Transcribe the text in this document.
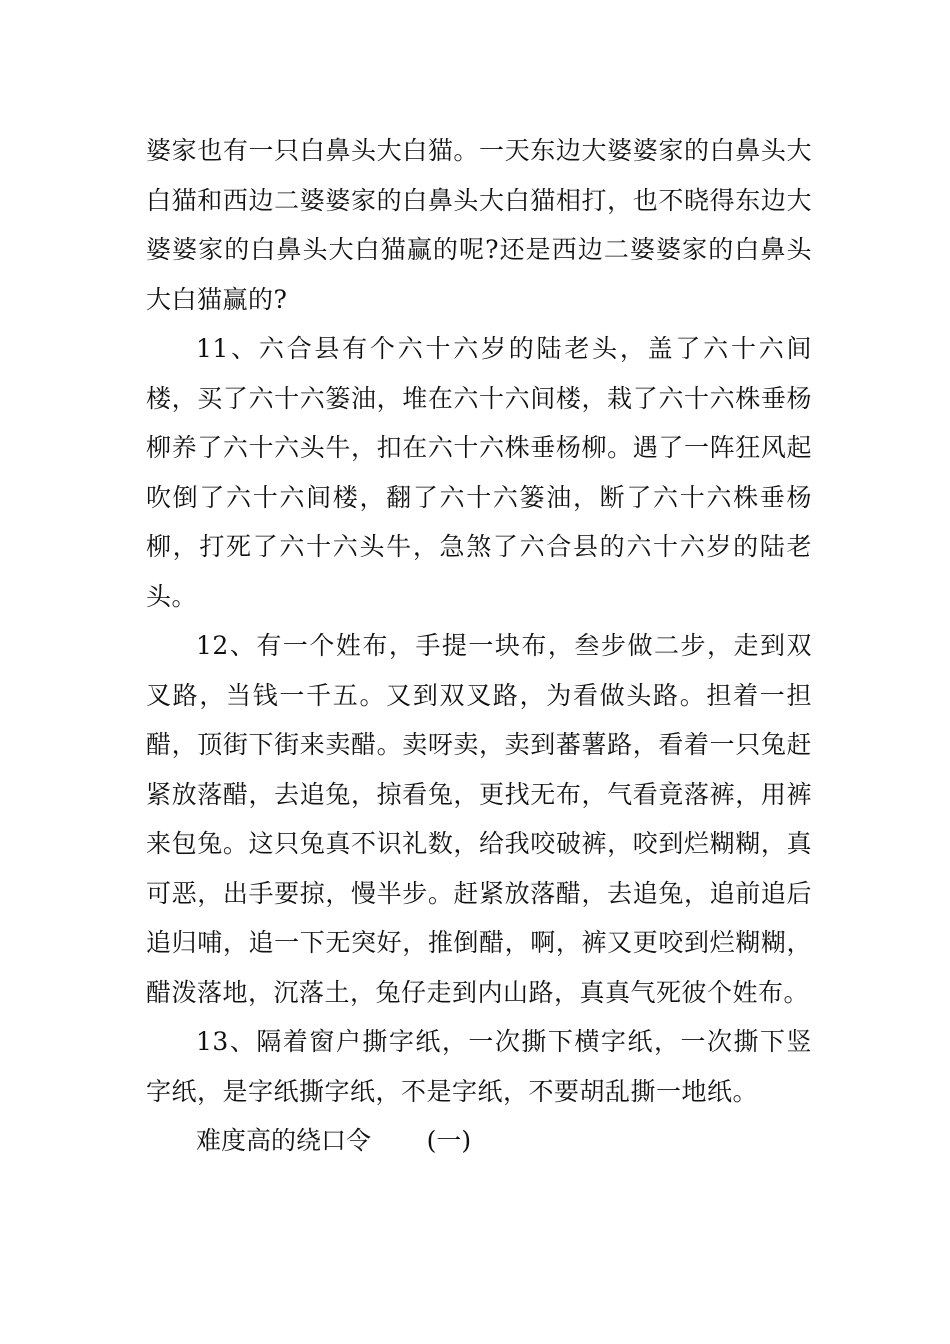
婆家也有一只白鼻头大白猫。一天东边大婆婆家的白鼻头大白猫和西边二婆婆家的白鼻头大白猫相打，也不晓得东边大婆婆家的白鼻头大白猫赢的呢?还是西边二婆婆家的白鼻头大白猫赢的?

11、六合县有个六十六岁的陆老头，盖了六十六间楼，买了六十六篓油，堆在六十六间楼，栽了六十六株垂杨柳养了六十六头牛，扣在六十六株垂杨柳。遇了一阵狂风起吹倒了六十六间楼，翻了六十六篓油，断了六十六株垂杨柳，打死了六十六头牛，急煞了六合县的六十六岁的陆老头。

12、有一个姓布，手提一块布，叁步做二步，走到双叉路，当钱一千五。又到双叉路，为看做头路。担着一担醋，顶街下街来卖醋。卖呀卖，卖到蕃薯路，看着一只兔赶紧放落醋，去追兔，掠看兔，更找无布，气看竟落裤，用裤来包兔。这只兔真不识礼数，给我咬破裤，咬到烂糊糊，真可恶，出手要掠，慢半步。赶紧放落醋，去追兔，追前追后追归哺，追一下无突好，推倒醋，啊，裤又更咬到烂糊糊，醋泼落地，沉落土，兔仔走到内山路，真真气死彼个姓布。

13、隔着窗户撕字纸，一次撕下横字纸，一次撕下竖字纸，是字纸撕字纸，不是字纸，不要胡乱撕一地纸。

难度高的绕口令 (一)
